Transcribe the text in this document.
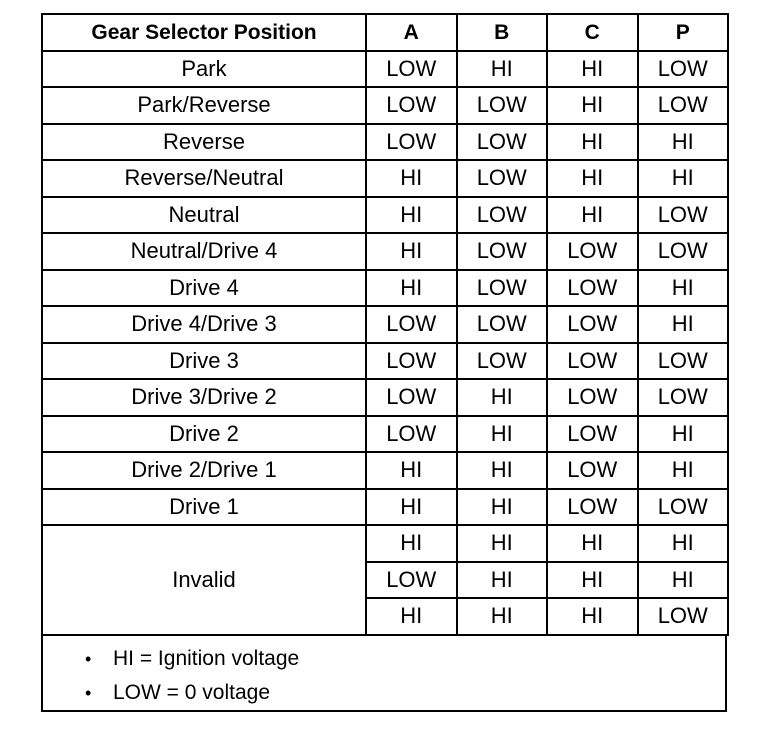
Gear Selector Position	A	B	C	P
Park	LOW	HI	HI	LOW
Park/Reverse	LOW	LOW	HI	LOW
Reverse	LOW	LOW	HI	HI
Reverse/Neutral	HI	LOW	HI	HI
Neutral	HI	LOW	HI	LOW
Neutral/Drive 4	HI	LOW	LOW	LOW
Drive 4	HI	LOW	LOW	HI
Drive 4/Drive 3	LOW	LOW	LOW	HI
Drive 3	LOW	LOW	LOW	LOW
Drive 3/Drive 2	LOW	HI	LOW	LOW
Drive 2	LOW	HI	LOW	HI
Drive 2/Drive 1	HI	HI	LOW	HI
Drive 1	HI	HI	LOW	LOW
Invalid	HI	HI	HI	HI
	LOW	HI	HI	HI
	HI	HI	HI	LOW
• HI = Ignition voltage
• LOW = 0 voltage
